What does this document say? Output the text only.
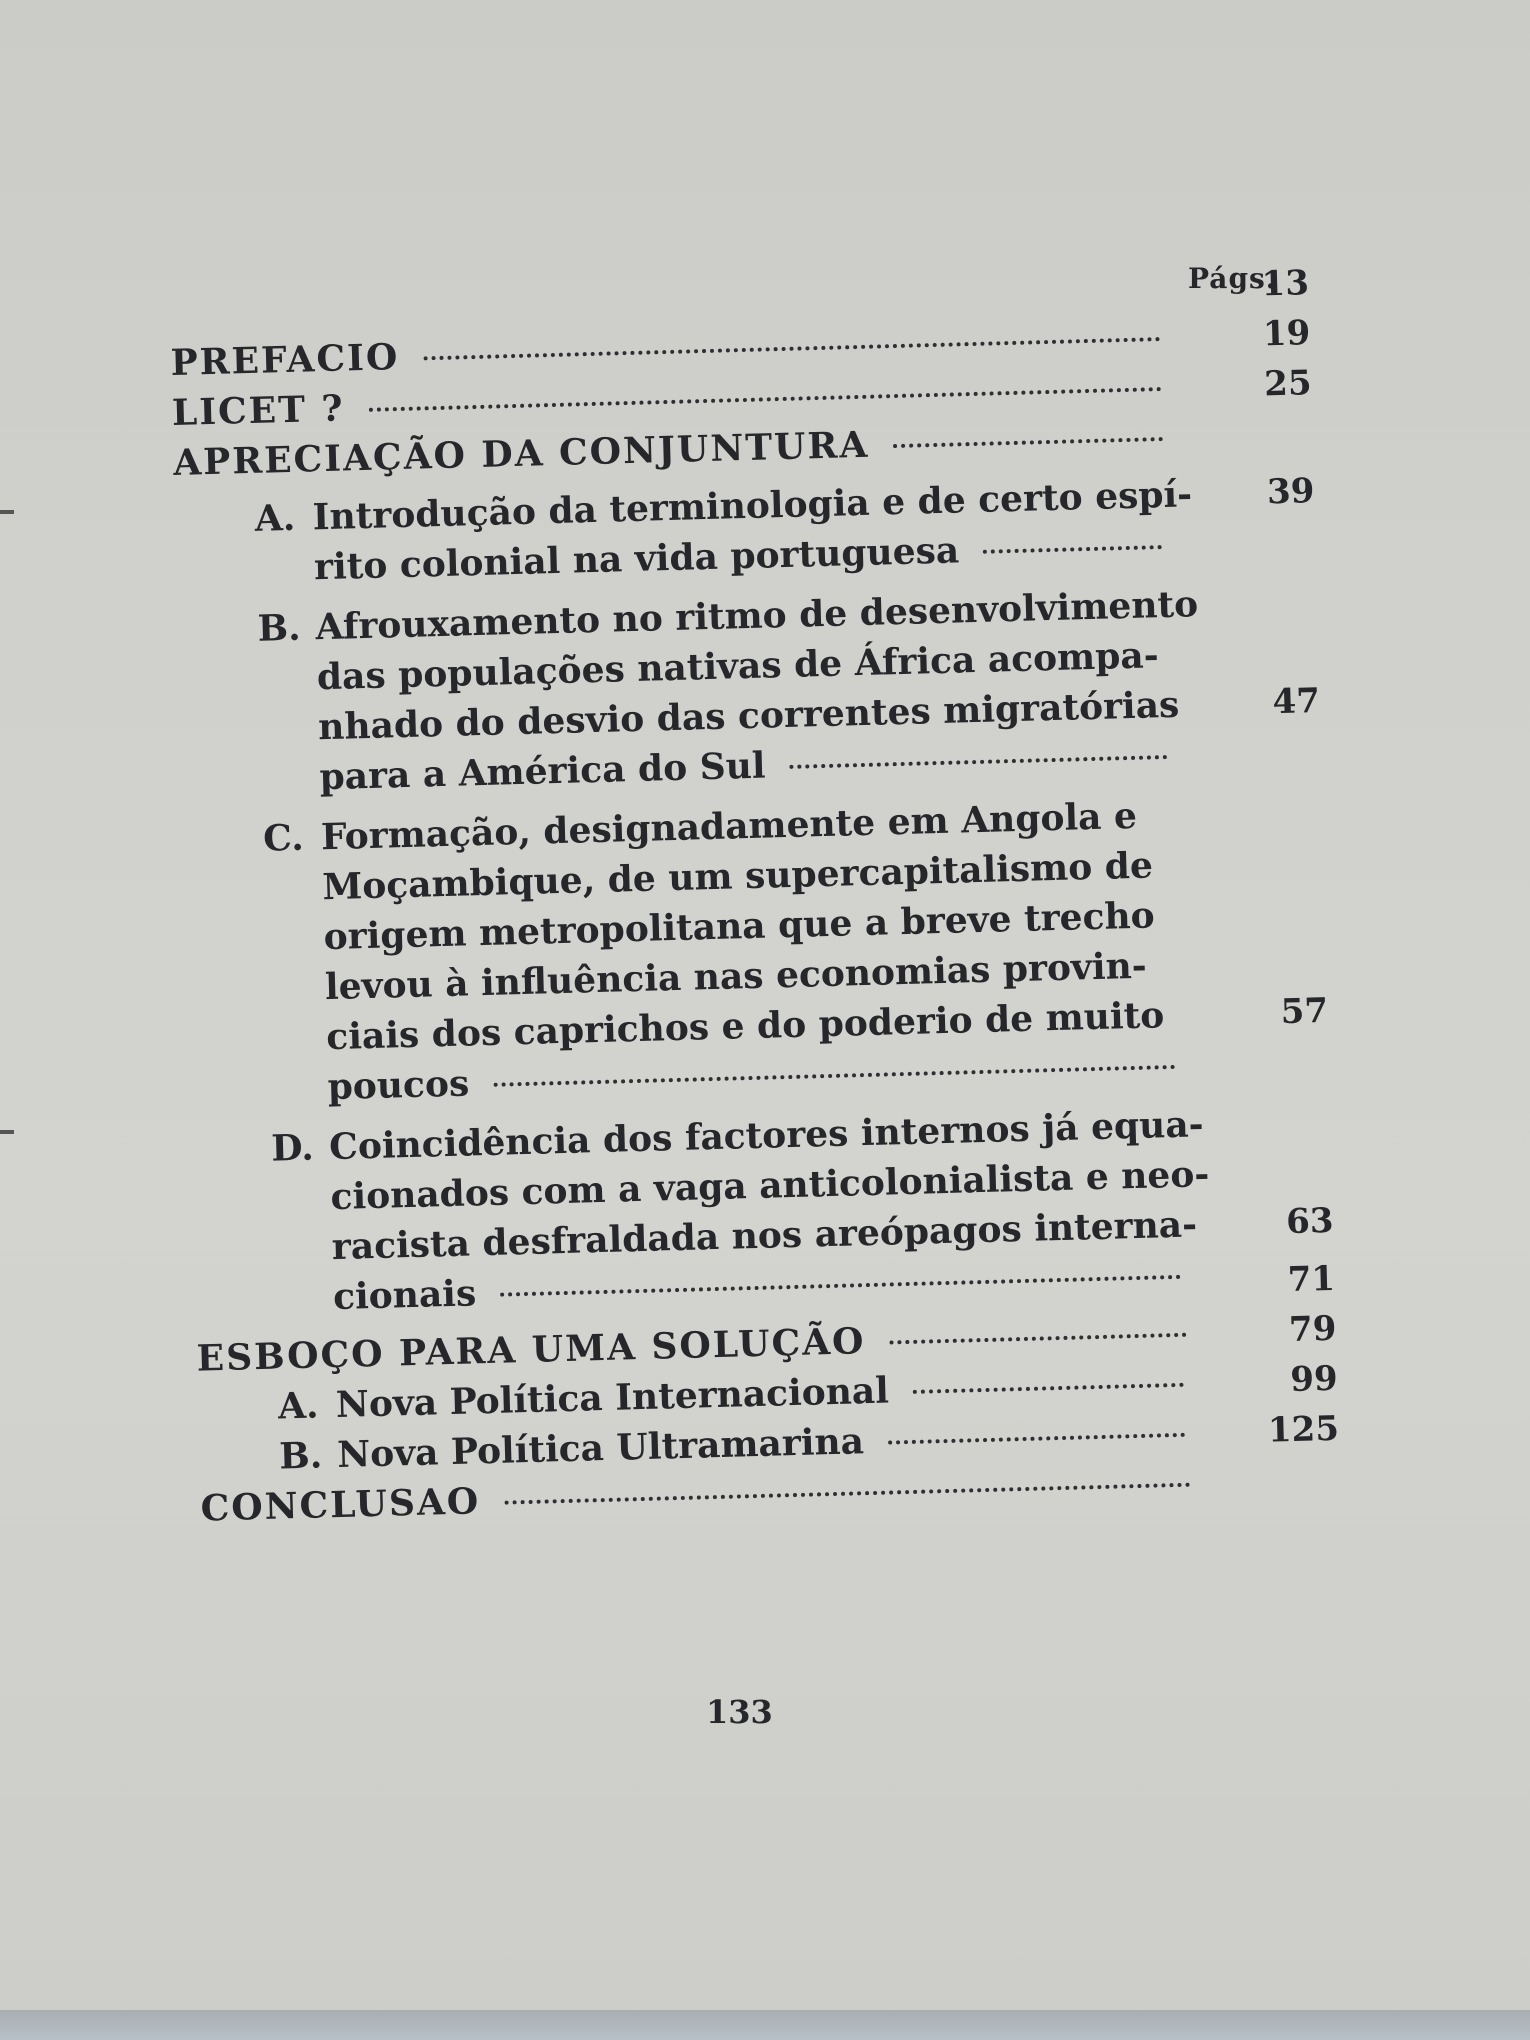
Págs.
PREFACIO
13
LICET ?
19
APRECIAÇÃO DA CONJUNTURA
25
A. Introdução da terminologia e de certo espí-
rito colonial na vida portuguesa
39
B. Afrouxamento no ritmo de desenvolvimento
das populações nativas de África acompa-
nhado do desvio das correntes migratórias
para a América do Sul
47
C. Formação, designadamente em Angola e
Moçambique, de um supercapitalismo de
origem metropolitana que a breve trecho
levou à influência nas economias provin-
ciais dos caprichos e do poderio de muito
poucos
57
D. Coincidência dos factores internos já equa-
cionados com a vaga anticolonialista e neo-
racista desfraldada nos areópagos interna-
cionais
63
ESBOÇO PARA UMA SOLUÇÃO
71
A. Nova Política Internacional
79
B. Nova Política Ultramarina
99
CONCLUSAO
125
133
